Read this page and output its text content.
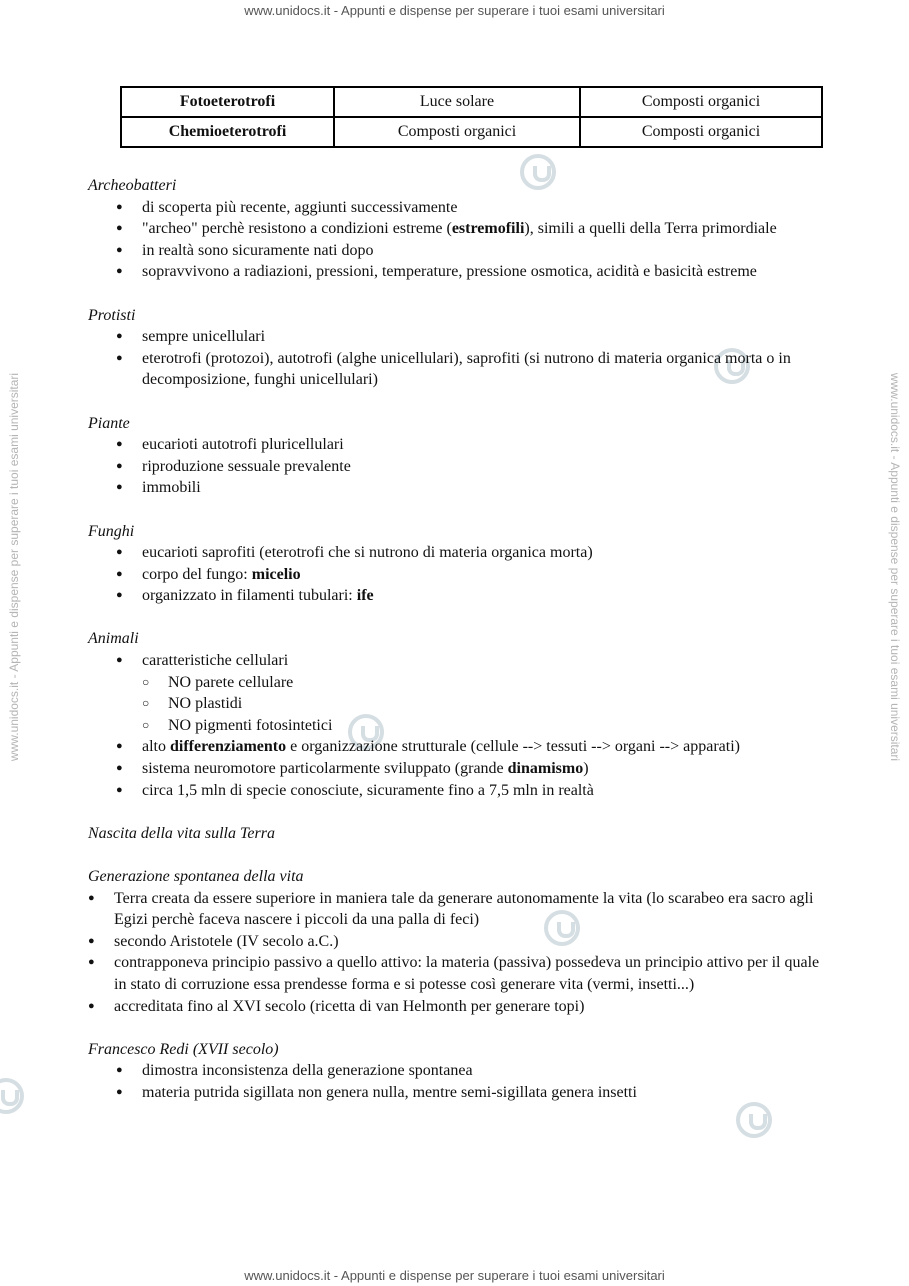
www.unidocs.it - Appunti e dispense per superare i tuoi esami universitari
www.unidocs.it - Appunti e dispense per superare i tuoi esami universitari	www.unidocs.it - Appunti e dispense per superare i tuoi esami universitari
Fotoeterotrofi	Luce solare	Composti organici
Chemioeterotrofi	Composti organici	Composti organici

Archeobatteri

● di scoperta più recente, aggiunti successivamente
● "archeo" perchè resistono a condizioni estreme (estremofili), simili a quelli della Terra primordiale
● in realtà sono sicuramente nati dopo
● sopravvivono a radiazioni, pressioni, temperature, pressione osmotica, acidità e basicità estreme

Protisti

● sempre unicellulari
● eterotrofi (protozoi), autotrofi (alghe unicellulari), saprofiti (si nutrono di materia organica morta o in decomposizione, funghi unicellulari)

Piante

● eucarioti autotrofi pluricellulari
● riproduzione sessuale prevalente
● immobili

Funghi

● eucarioti saprofiti (eterotrofi che si nutrono di materia organica morta)
● corpo del fungo: micelio
● organizzato in filamenti tubulari: ife

Animali

● caratteristiche cellulari
○ NO parete cellulare
○ NO plastidi
○ NO pigmenti fotosintetici
● alto differenziamento e organizzazione strutturale (cellule --> tessuti --> organi --> apparati)
● sistema neuromotore particolarmente sviluppato (grande dinamismo)
● circa 1,5 mln di specie conosciute, sicuramente fino a 7,5 mln in realtà

Nascita della vita sulla Terra

Generazione spontanea della vita

● Terra creata da essere superiore in maniera tale da generare autonomamente la vita (lo scarabeo era sacro agli Egizi perchè faceva nascere i piccoli da una palla di feci)
● secondo Aristotele (IV secolo a.C.)
● contrapponeva principio passivo a quello attivo: la materia (passiva) possedeva un principio attivo per il quale in stato di corruzione essa prendesse forma e si potesse così generare vita (vermi, insetti...)
● accreditata fino al XVI secolo (ricetta di van Helmonth per generare topi)

Francesco Redi (XVII secolo)

● dimostra inconsistenza della generazione spontanea
● materia putrida sigillata non genera nulla, mentre semi-sigillata genera insetti
www.unidocs.it - Appunti e dispense per superare i tuoi esami universitari
